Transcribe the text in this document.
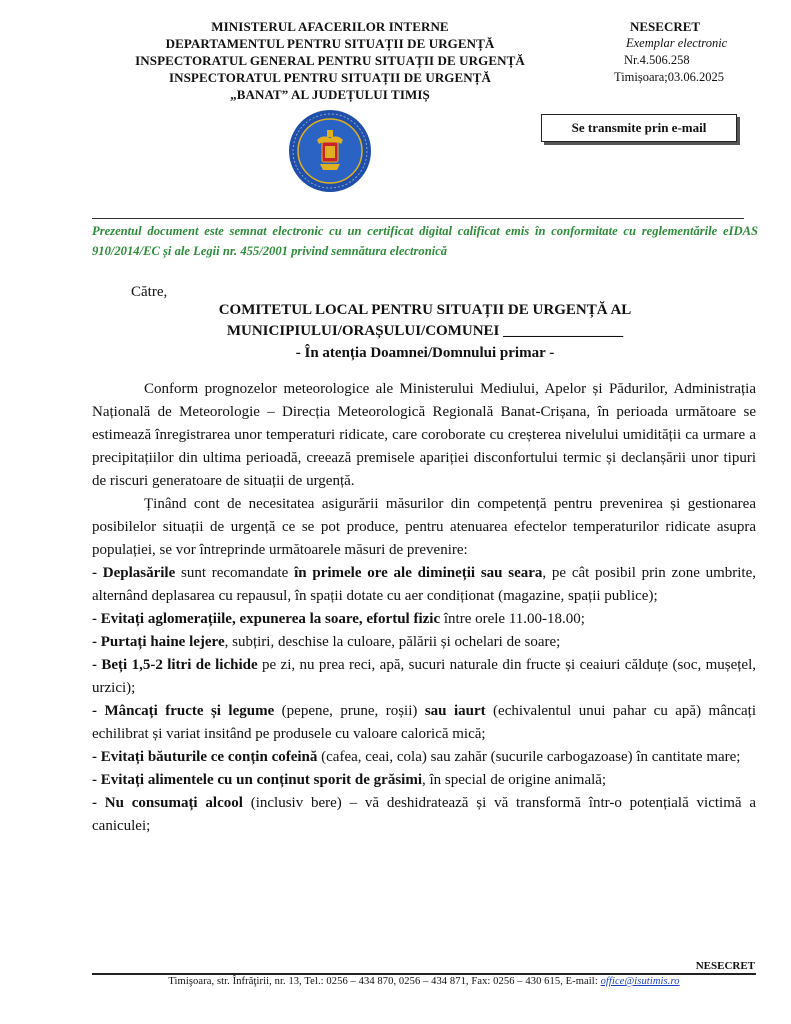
MINISTERUL AFACERILOR INTERNE
DEPARTAMENTUL PENTRU SITUAȚII DE URGENȚĂ
INSPECTORATUL GENERAL PENTRU SITUAȚII DE URGENȚĂ
INSPECTORATUL PENTRU SITUAȚII DE URGENȚĂ
„BANAT” AL JUDEȚULUI TIMIȘ
NESECRET
Exemplar electronic
Nr.4.506.258
Timișoara;03.06.2025
Se transmite prin e-mail
Prezentul document este semnat electronic cu un certificat digital calificat emis în conformitate cu reglementările eIDAS 910/2014/EC și ale Legii nr. 455/2001 privind semnătura electronică
Către,
COMITETUL LOCAL PENTRU SITUAȚII DE URGENȚĂ AL
MUNICIPIULUI/ORAȘULUI/COMUNEI ________________
- În atenția Doamnei/Domnului primar -

Conform prognozelor meteorologice ale Ministerului Mediului, Apelor și Pădurilor, Administrația Națională de Meteorologie – Direcția Meteorologică Regională Banat-Crișana, în perioada următoare se estimează înregistrarea unor temperaturi ridicate, care coroborate cu creșterea nivelului umidității ca urmare a precipitațiilor din ultima perioadă, creează premisele apariției disconfortului termic și declanșării unor tipuri de riscuri generatoare de situații de urgență.

Ținând cont de necesitatea asigurării măsurilor din competență pentru prevenirea și gestionarea posibilelor situații de urgență ce se pot produce, pentru atenuarea efectelor temperaturilor ridicate asupra populației, se vor întreprinde următoarele măsuri de prevenire:

- Deplasările sunt recomandate în primele ore ale dimineții sau seara, pe cât posibil prin zone umbrite, alternând deplasarea cu repausul, în spații dotate cu aer condiționat (magazine, spații publice);

- Evitați aglomerațiile, expunerea la soare, efortul fizic între orele 11.00-18.00;

- Purtați haine lejere, subțiri, deschise la culoare, pălării și ochelari de soare;

- Beți 1,5-2 litri de lichide pe zi, nu prea reci, apă, sucuri naturale din fructe și ceaiuri călduțe (soc, mușețel, urzici);

- Mâncați fructe și legume (pepene, prune, roșii) sau iaurt (echivalentul unui pahar cu apă) mâncați echilibrat și variat insitând pe produsele cu valoare calorică mică;

- Evitați băuturile ce conțin cofeină (cafea, ceai, cola) sau zahăr (sucurile carbogazoase) în cantitate mare;

- Evitați alimentele cu un conținut sporit de grăsimi, în special de origine animală;

- Nu consumați alcool (inclusiv bere) – vă deshidratează și vă transformă într-o potențială victimă a caniculei;

NESECRET
Timişoara, str. Înfrăţirii, nr. 13, Tel.: 0256 – 434 870, 0256 – 434 871, Fax: 0256 – 430 615, E-mail: office@isutimis.ro
